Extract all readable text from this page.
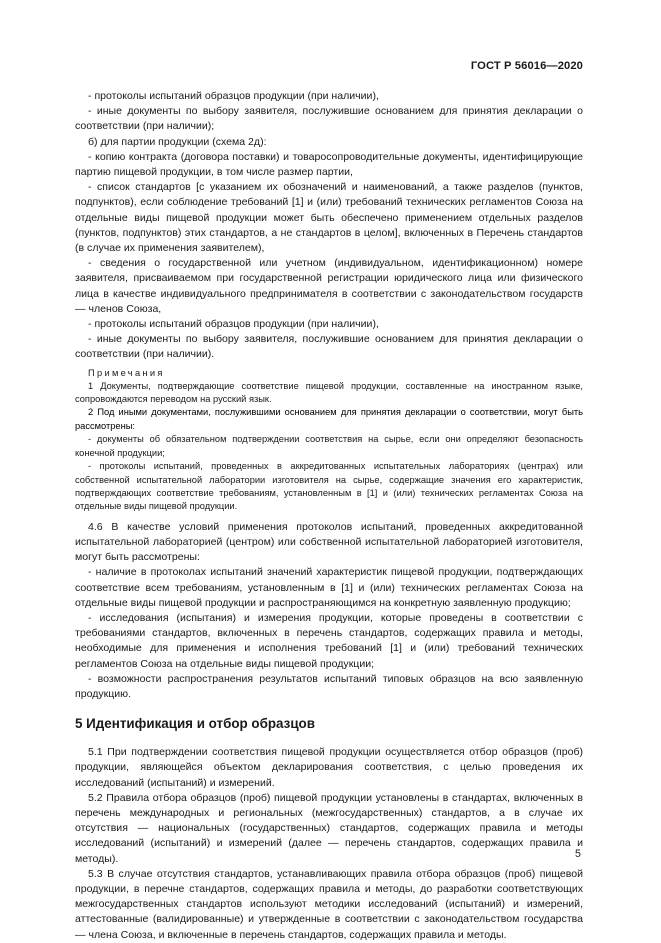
ГОСТ Р 56016—2020

- протоколы испытаний образцов продукции (при наличии),

- иные документы по выбору заявителя, послужившие основанием для принятия декларации о соответствии (при наличии);

б) для партии продукции (схема 2д):

- копию контракта (договора поставки) и товаросопроводительные документы, идентифицирующие партию пищевой продукции, в том числе размер партии,

- список стандартов [с указанием их обозначений и наименований, а также разделов (пунктов, подпунктов), если соблюдение требований [1] и (или) требований технических регламентов Союза на отдельные виды пищевой продукции может быть обеспечено применением отдельных разделов (пунктов, подпунктов) этих стандартов, а не стандартов в целом], включенных в Перечень стандартов (в случае их применения заявителем),

- сведения о государственной или учетном (индивидуальном, идентификационном) номере заявителя, присваиваемом при государственной регистрации юридического лица или физического лица в качестве индивидуального предпринимателя в соответствии с законодательством государств — членов Союза,

- протоколы испытаний образцов продукции (при наличии),

- иные документы по выбору заявителя, послужившие основанием для принятия декларации о соответствии (при наличии).

Примечания

1 Документы, подтверждающие соответствие пищевой продукции, составленные на иностранном языке, сопровождаются переводом на русский язык.

2 Под иными документами, послужившими основанием для принятия декларации о соответствии, могут быть рассмотрены:

- документы об обязательном подтверждении соответствия на сырье, если они определяют безопасность конечной продукции;

- протоколы испытаний, проведенных в аккредитованных испытательных лабораториях (центрах) или собственной испытательной лаборатории изготовителя на сырье, содержащие значения его характеристик, подтверждающих соответствие требованиям, установленным в [1] и (или) технических регламентах Союза на отдельные виды пищевой продукции.

4.6 В качестве условий применения протоколов испытаний, проведенных аккредитованной испытательной лабораторией (центром) или собственной испытательной лабораторией изготовителя, могут быть рассмотрены:

- наличие в протоколах испытаний значений характеристик пищевой продукции, подтверждающих соответствие всем требованиям, установленным в [1] и (или) технических регламентах Союза на отдельные виды пищевой продукции и распространяющимся на конкретную заявленную продукцию;

- исследования (испытания) и измерения продукции, которые проведены в соответствии с требованиями стандартов, включенных в перечень стандартов, содержащих правила и методы, необходимые для применения и исполнения требований [1] и (или) требований технических регламентов Союза на отдельные виды пищевой продукции;

- возможности распространения результатов испытаний типовых образцов на всю заявленную продукцию.

5 Идентификация и отбор образцов

5.1 При подтверждении соответствия пищевой продукции осуществляется отбор образцов (проб) продукции, являющейся объектом декларирования соответствия, с целью проведения их исследований (испытаний) и измерений.

5.2 Правила отбора образцов (проб) пищевой продукции установлены в стандартах, включенных в перечень международных и региональных (межгосударственных) стандартов, а в случае их отсутствия — национальных (государственных) стандартов, содержащих правила и методы исследований (испытаний) и измерений (далее — перечень стандартов, содержащих правила и методы).

5.3 В случае отсутствия стандартов, устанавливающих правила отбора образцов (проб) пищевой продукции, в перечне стандартов, содержащих правила и методы, до разработки соответствующих межгосударственных стандартов используют методики исследований (испытаний) и измерений, аттестованные (валидированные) и утвержденные в соответствии с законодательством государства — члена Союза, и включенные в перечень стандартов, содержащих правила и методы.

5
